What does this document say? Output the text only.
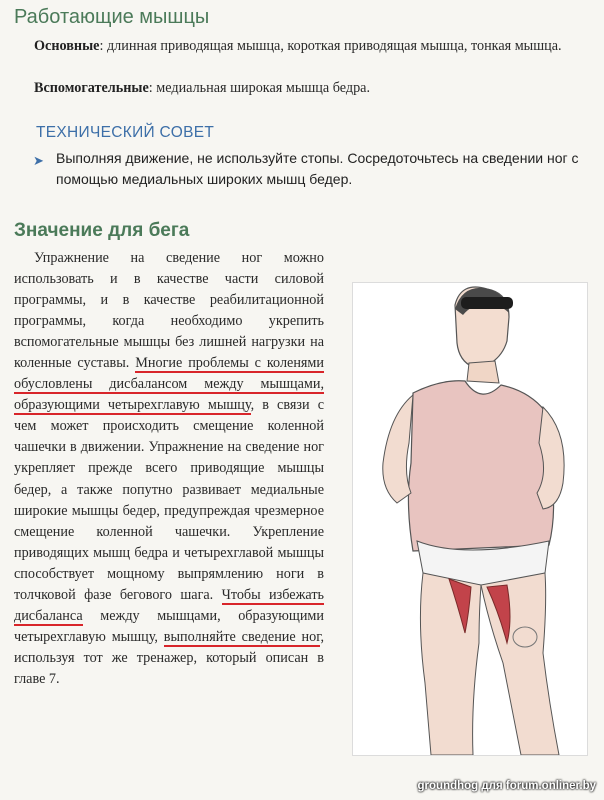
Работающие мышцы

Основные: длинная приводящая мышца, короткая приводящая мышца, тонкая мышца.

Вспомогательные: медиальная широкая мышца бедра.

ТЕХНИЧЕСКИЙ СОВЕТ
➤ Выполняя движение, не используйте стопы. Сосредоточьтесь на сведении ног с помощью медиальных широких мышц бедер.
Значение для бега

Упражнение на сведение ног можно использовать и в качестве части силовой программы, и в качестве реабилитационной программы, когда необходимо укрепить вспомогательные мышцы без лишней нагрузки на коленные суставы. Многие проблемы с коленями обусловлены дисбалансом между мышцами, образующими четырехглавую мышцу, в связи с чем может происходить смещение коленной чашечки в движении. Упражнение на сведение ног укрепляет прежде всего приводящие мышцы бедер, а также попутно развивает медиальные широкие мышцы бедер, предупреждая чрезмерное смещение коленной чашечки. Укрепление приводящих мышц бедра и четырехглавой мышцы способствует мощному выпрямлению ноги в толчковой фазе бегового шага. Чтобы избежать дисбаланса между мышцами, образующими четырехглавую мышцу, выполняйте сведение ног, используя тот же тренажер, который описан в главе 7.

groundhog для forum.onliner.by
